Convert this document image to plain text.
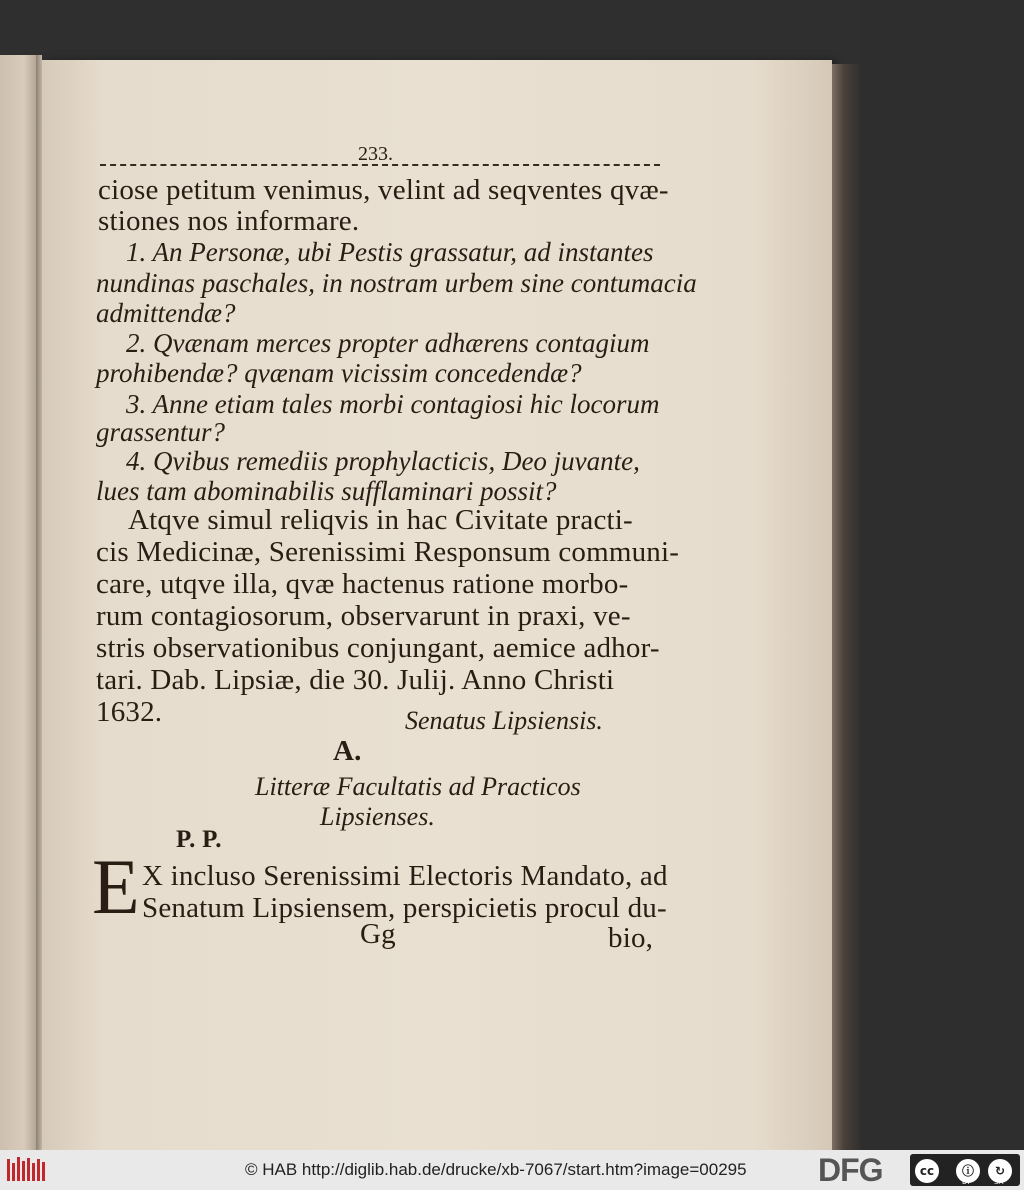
233.
ciose petitum venimus, velint ad seqventes qvæ-
stiones nos informare.
1. An Personæ, ubi Pestis grassatur, ad instantes
nundinas paschales, in nostram urbem sine contumacia
admittendæ?
2. Qvænam merces propter adhærens contagium
prohibendæ? qvænam vicissim concedendæ?
3. Anne etiam tales morbi contagiosi hic locorum
grassentur?
4. Qvibus remediis prophylacticis, Deo juvante,
lues tam abominabilis sufflaminari possit?
Atqve simul reliqvis in hac Civitate practi-
cis Medicinæ, Serenissimi Responsum communi-
care, utqve illa, qvæ hactenus ratione morbo-
rum contagiosorum, observarunt in praxi, ve-
stris observationibus conjungant, aemice adhor-
tari. Dab. Lipsiæ, die 30. Julij. Anno Christi
1632.	Senatus Lipsiensis.
A.
Litteræ Facultatis ad Practicos
Lipsienses.
P. P.
E X incluso Serenissimi Electoris Mandato, ad
Senatum Lipsiensem, perspicietis procul du-
Gg	bio,
© HAB http://diglib.hab.de/drucke/xb-7067/start.htm?image=00295 DFG	cc	ⓘ	↻
BY	SA
